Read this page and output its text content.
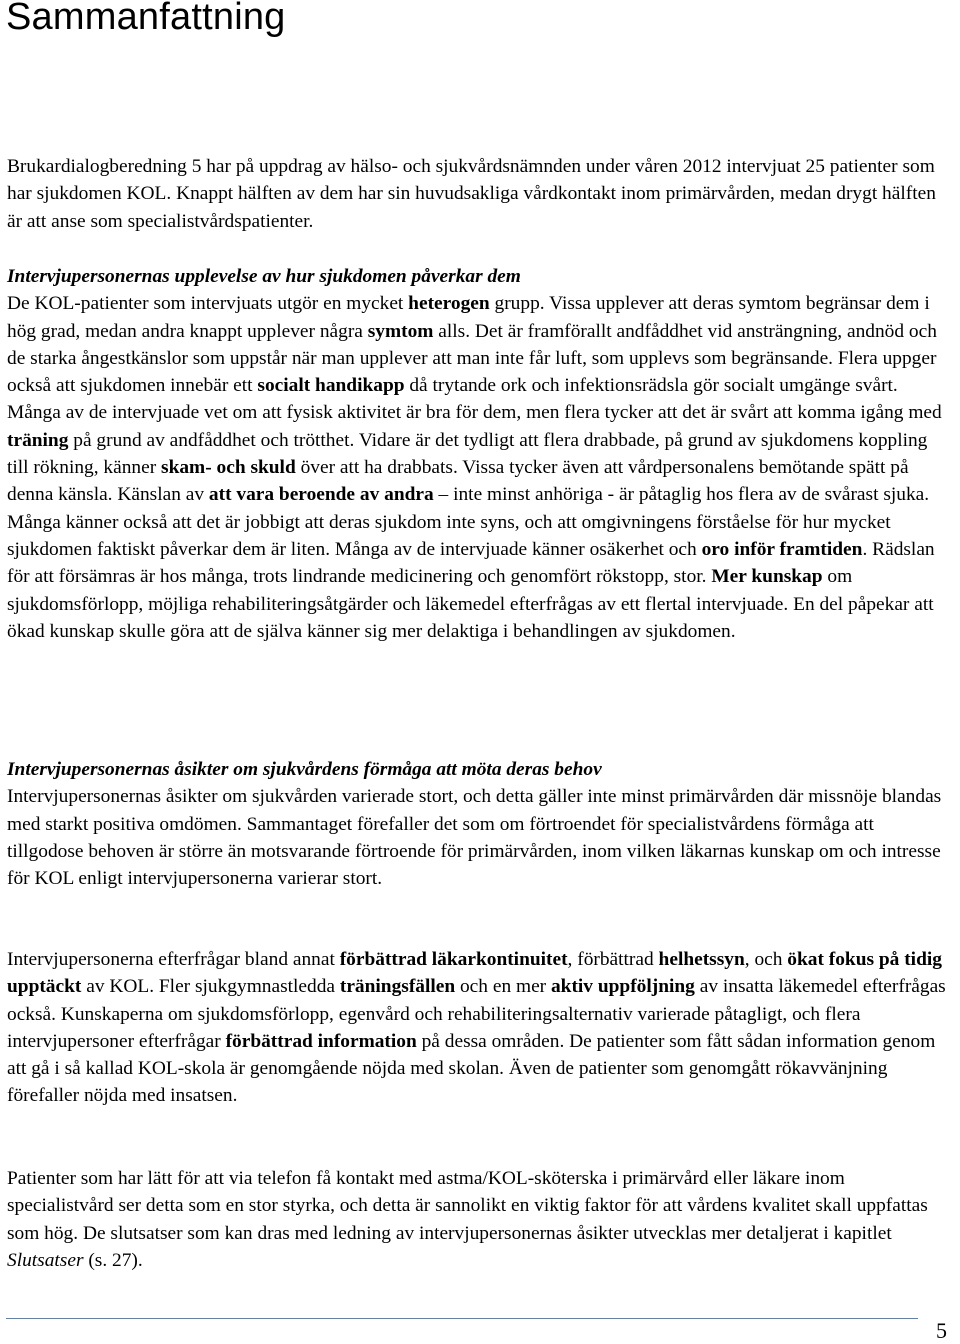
Sammanfattning

Brukardialogberedning 5 har på uppdrag av hälso- och sjukvårdsnämnden under våren 2012 intervjuat 25 patienter som har sjukdomen KOL. Knappt hälften av dem har sin huvudsakliga vårdkontakt inom primärvården, medan drygt hälften är att anse som specialistvårdspatienter.

Intervjupersonernas upplevelse av hur sjukdomen påverkar dem

De KOL-patienter som intervjuats utgör en mycket heterogen grupp. Vissa upplever att deras symtom begränsar dem i hög grad, medan andra knappt upplever några symtom alls. Det är framförallt andfåddhet vid ansträngning, andnöd och de starka ångestkänslor som uppstår när man upplever att man inte får luft, som upplevs som begränsande. Flera uppger också att sjukdomen innebär ett socialt handikapp då trytande ork och infektionsrädsla gör socialt umgänge svårt. Många av de intervjuade vet om att fysisk aktivitet är bra för dem, men flera tycker att det är svårt att komma igång med träning på grund av andfåddhet och trötthet. Vidare är det tydligt att flera drabbade, på grund av sjukdomens koppling till rökning, känner skam- och skuld över att ha drabbats. Vissa tycker även att vårdpersonalens bemötande spätt på denna känsla. Känslan av att vara beroende av andra – inte minst anhöriga - är påtaglig hos flera av de svårast sjuka. Många känner också att det är jobbigt att deras sjukdom inte syns, och att omgivningens förståelse för hur mycket sjukdomen faktiskt påverkar dem är liten. Många av de intervjuade känner osäkerhet och oro inför framtiden. Rädslan för att försämras är hos många, trots lindrande medicinering och genomfört rökstopp, stor. Mer kunskap om sjukdomsförlopp, möjliga rehabiliteringsåtgärder och läkemedel efterfrågas av ett flertal intervjuade. En del påpekar att ökad kunskap skulle göra att de själva känner sig mer delaktiga i behandlingen av sjukdomen.

Intervjupersonernas åsikter om sjukvårdens förmåga att möta deras behov

Intervjupersonernas åsikter om sjukvården varierade stort, och detta gäller inte minst primärvården där missnöje blandas med starkt positiva omdömen. Sammantaget förefaller det som om förtroendet för specialistvårdens förmåga att tillgodose behoven är större än motsvarande förtroende för primärvården, inom vilken läkarnas kunskap om och intresse för KOL enligt intervjupersonerna varierar stort.

Intervjupersonerna efterfrågar bland annat förbättrad läkarkontinuitet, förbättrad helhetssyn, och ökat fokus på tidig upptäckt av KOL. Fler sjukgymnastledda träningsfällen och en mer aktiv uppföljning av insatta läkemedel efterfrågas också. Kunskaperna om sjukdomsförlopp, egenvård och rehabiliteringsalternativ varierade påtagligt, och flera intervjupersoner efterfrågar förbättrad information på dessa områden. De patienter som fått sådan information genom att gå i så kallad KOL-skola är genomgående nöjda med skolan. Även de patienter som genomgått rökavvänjning förefaller nöjda med insatsen.

Patienter som har lätt för att via telefon få kontakt med astma/KOL-sköterska i primärvård eller läkare inom specialistvård ser detta som en stor styrka, och detta är sannolikt en viktig faktor för att vårdens kvalitet skall uppfattas som hög. De slutsatser som kan dras med ledning av intervjupersonernas åsikter utvecklas mer detaljerat i kapitlet Slutsatser (s. 27).

5
